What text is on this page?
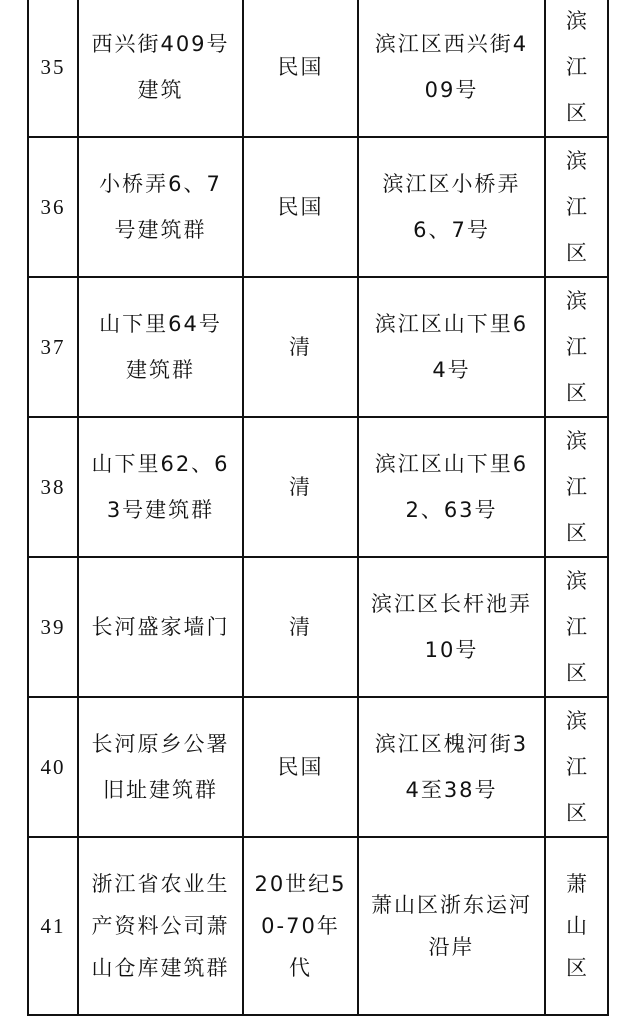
35	西兴街409号建筑	民国	滨江区西兴街409号	滨江区
36	小桥弄6、7号建筑群	民国	滨江区小桥弄6、7号	滨江区
37	山下里64号建筑群	清	滨江区山下里64号	滨江区
38	山下里62、63号建筑群	清	滨江区山下里62、63号	滨江区
39	长河盛家墙门	清	滨江区长杆池弄10号	滨江区
40	长河原乡公署旧址建筑群	民国	滨江区槐河街34至38号	滨江区
41	浙江省农业生产资料公司萧山仓库建筑群	20世纪50-70年代	萧山区浙东运河沿岸	萧山区
